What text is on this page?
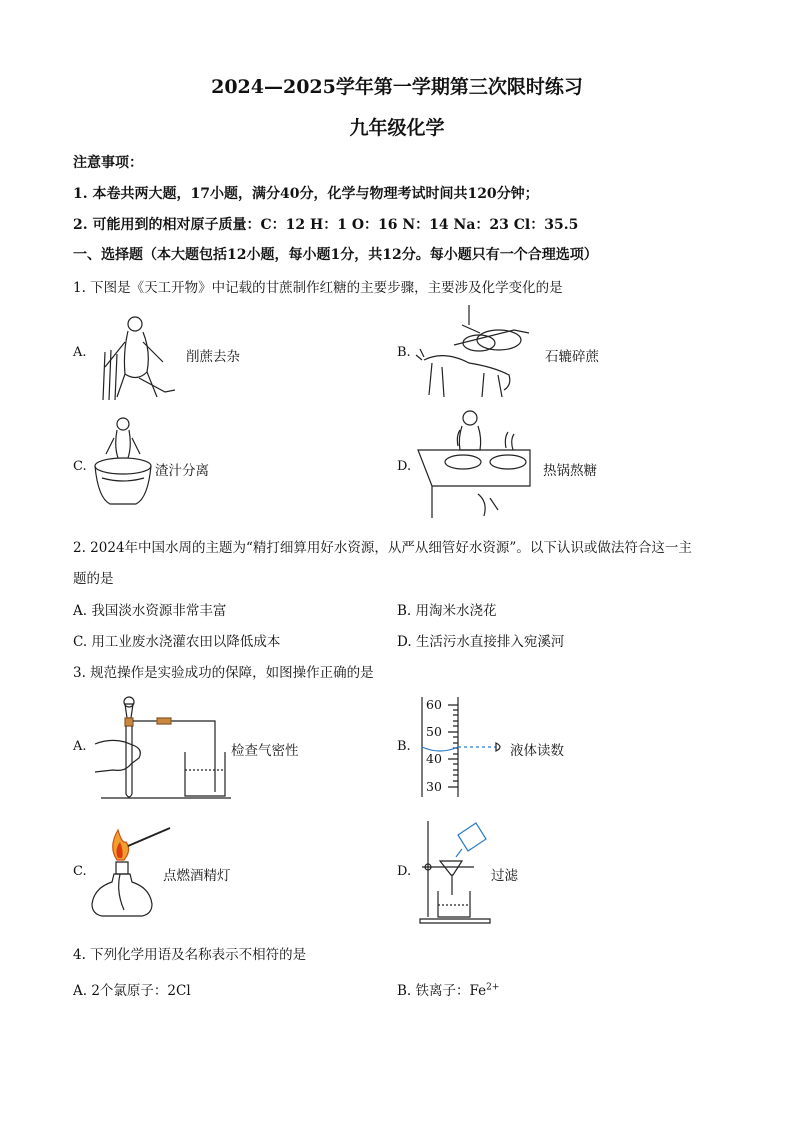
2024—2025学年第一学期第三次限时练习
九年级化学
注意事项：
1. 本卷共两大题，17小题，满分40分，化学与物理考试时间共120分钟；
2. 可能用到的相对原子质量：C：12 H：1 O：16 N：14 Na：23 Cl：35.5
一、选择题（本大题包括12小题，每小题1分，共12分。每小题只有一个合理选项）
1. 下图是《天工开物》中记载的甘蔗制作红糖的主要步骤，主要涉及化学变化的是
A.	削蔗去杂	B.	石辘碎蔗
C.	渣汁分离	D.	热锅熬糖
2. 2024年中国水周的主题为“精打细算用好水资源，从严从细管好水资源”。以下认识或做法符合这一主
题的是
A. 我国淡水资源非常丰富	B. 用淘米水浇花
C. 用工业废水浇灌农田以降低成本	D. 生活污水直接排入宛溪河
3. 规范操作是实验成功的保障，如图操作正确的是
A.	检查气密性	B.
60
50
40
30
液体读数
C.	点燃酒精灯	D.	过滤
4. 下列化学用语及名称表示不相符的是
A. 2个氯原子：2Cl	B. 铁离子：$Fe^{2+}$
